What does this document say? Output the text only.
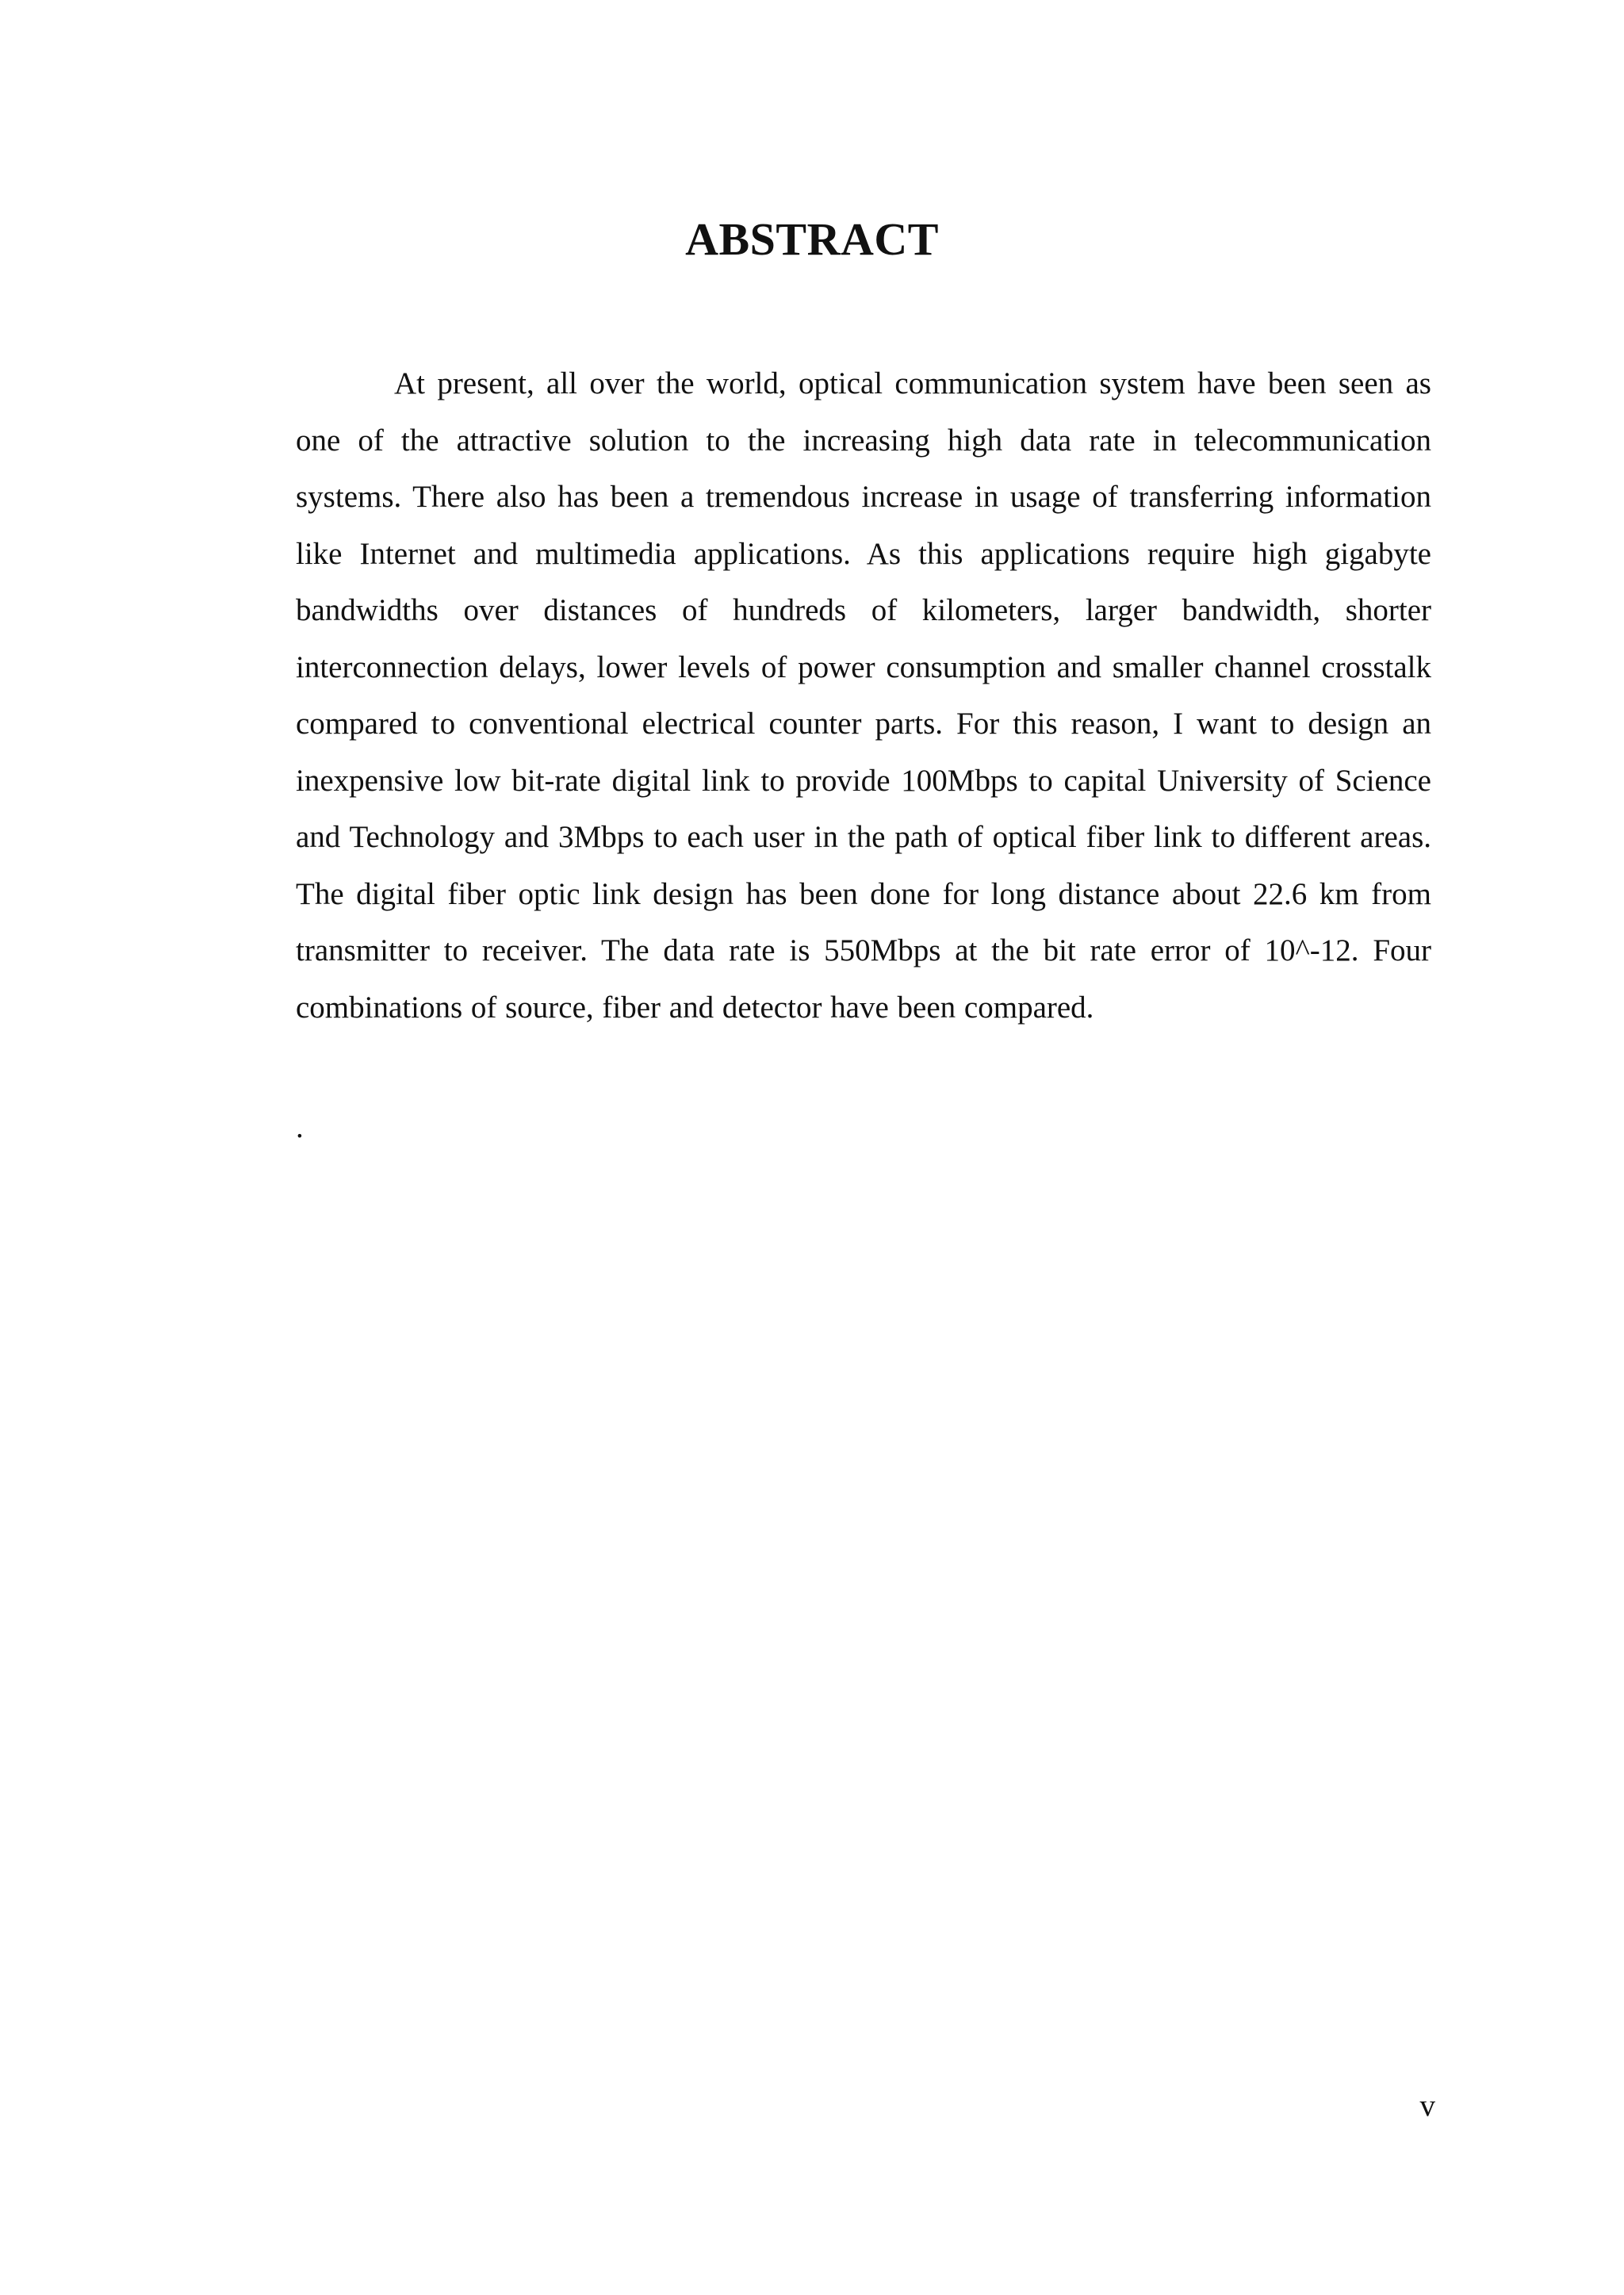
ABSTRACT

At present, all over the world, optical communication system have been seen as one of the attractive solution to the increasing high data rate in telecommunication systems. There also has been a tremendous increase in usage of transferring information like Internet and multimedia applications. As this applications require high gigabyte bandwidths over distances of hundreds of kilometers, larger bandwidth, shorter interconnection delays, lower levels of power consumption and smaller channel crosstalk compared to conventional electrical counter parts. For this reason, I want to design an inexpensive low bit-rate digital link to provide 100Mbps to capital University of Science and Technology and 3Mbps to each user in the path of optical fiber link to different areas. The digital fiber optic link design has been done for long distance about 22.6 km from transmitter to receiver. The data rate is 550Mbps at the bit rate error of 10^-12. Four combinations of source, fiber and detector have been compared.

.

v
